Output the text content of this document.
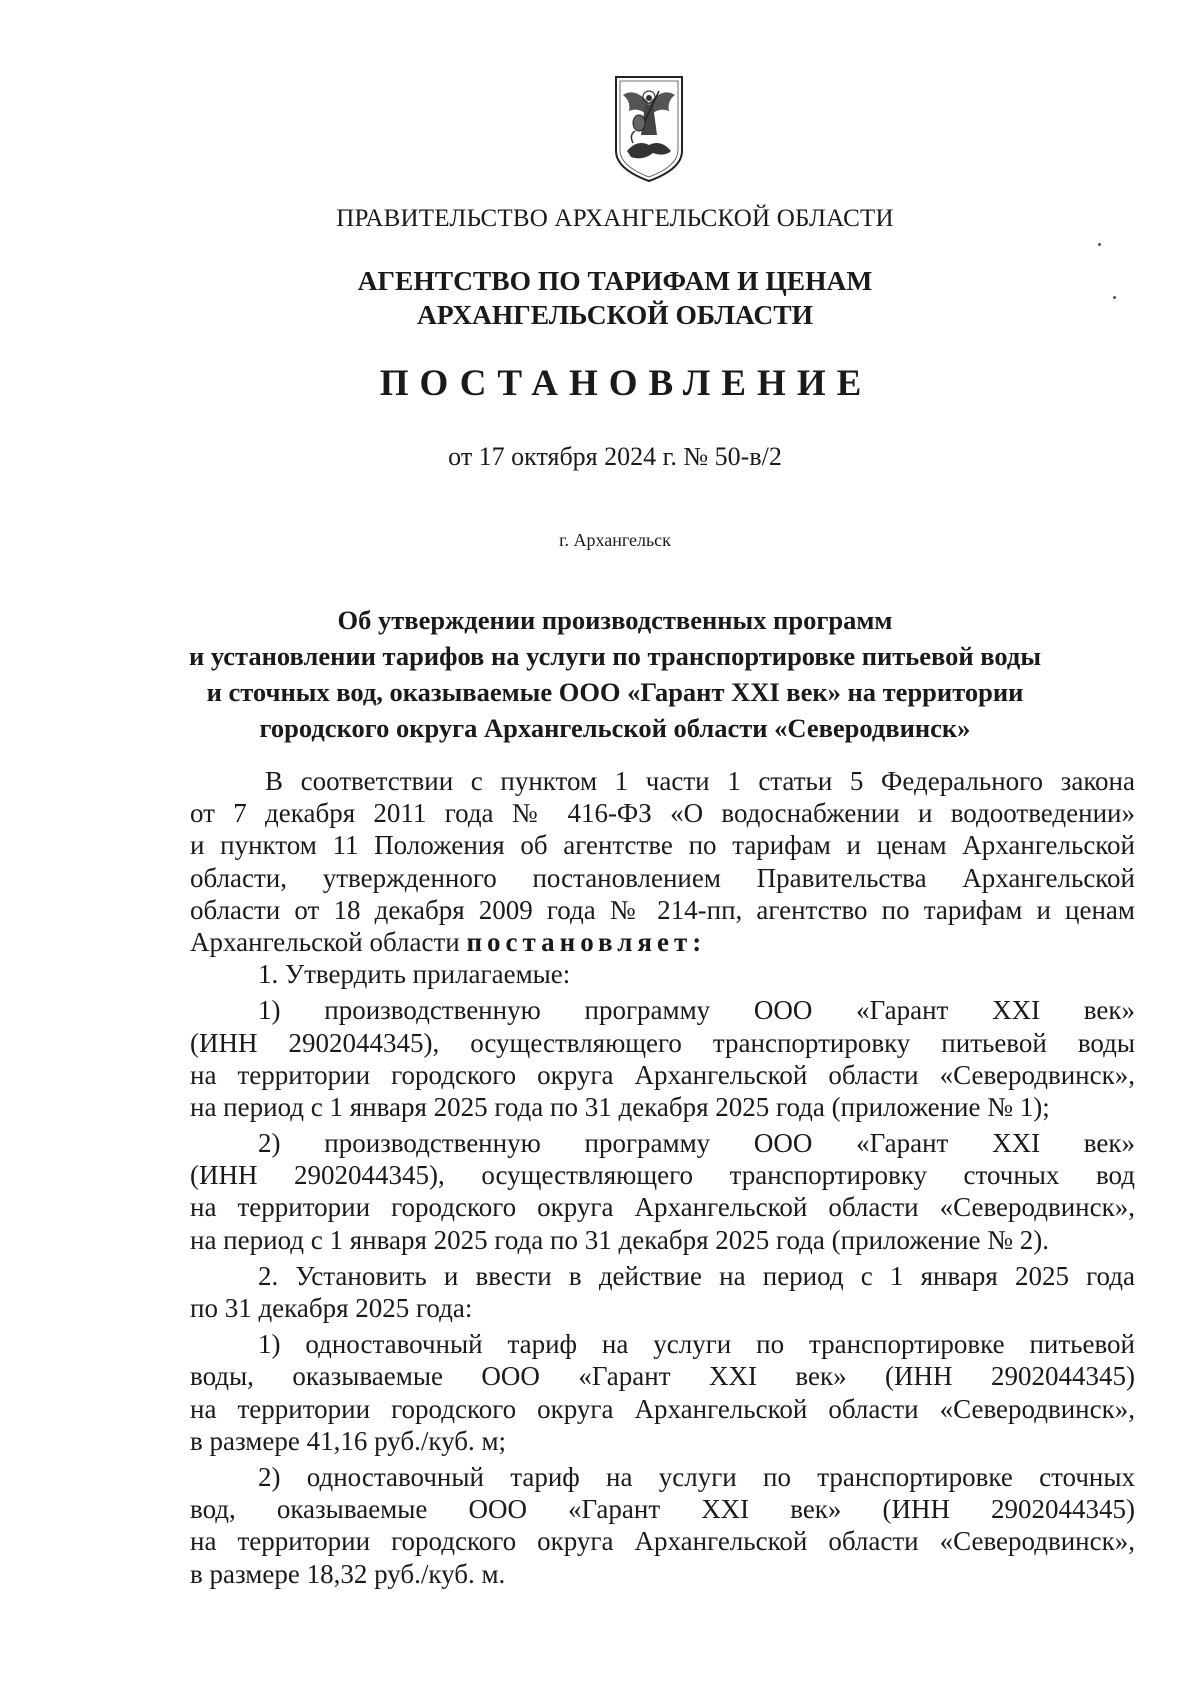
ПРАВИТЕЛЬСТВО АРХАНГЕЛЬСКОЙ ОБЛАСТИ
АГЕНТСТВО ПО ТАРИФАМ И ЦЕНАМ
АРХАНГЕЛЬСКОЙ ОБЛАСТИ
ПОСТАНОВЛЕНИЕ
от 17 октября 2024 г. № 50-в/2
г. Архангельск
Об утверждении производственных программ
и установлении тарифов на услуги по транспортировке питьевой воды
и сточных вод, оказываемые ООО «Гарант XXI век» на территории
городского округа Архангельской области «Северодвинск»
В соответствии с пунктом 1 части 1 статьи 5 Федерального закона
от 7 декабря 2011 года № 416-ФЗ «О водоснабжении и водоотведении»
и пунктом 11 Положения об агентстве по тарифам и ценам Архангельской
области, утвержденного постановлением Правительства Архангельской
области от 18 декабря 2009 года № 214-пп, агентство по тарифам и ценам
Архангельской области постановляет:
1. Утвердить прилагаемые:
1) производственную программу ООО «Гарант XXI век»
(ИНН 2902044345), осуществляющего транспортировку питьевой воды
на территории городского округа Архангельской области «Северодвинск»,
на период с 1 января 2025 года по 31 декабря 2025 года (приложение № 1);
2) производственную программу ООО «Гарант XXI век»
(ИНН 2902044345), осуществляющего транспортировку сточных вод
на территории городского округа Архангельской области «Северодвинск»,
на период с 1 января 2025 года по 31 декабря 2025 года (приложение № 2).
2. Установить и ввести в действие на период с 1 января 2025 года
по 31 декабря 2025 года:
1) одноставочный тариф на услуги по транспортировке питьевой
воды, оказываемые ООО «Гарант XXI век» (ИНН 2902044345)
на территории городского округа Архангельской области «Северодвинск»,
в размере 41,16 руб./куб. м;
2) одноставочный тариф на услуги по транспортировке сточных
вод, оказываемые ООО «Гарант XXI век» (ИНН 2902044345)
на территории городского округа Архангельской области «Северодвинск»,
в размере 18,32 руб./куб. м.
